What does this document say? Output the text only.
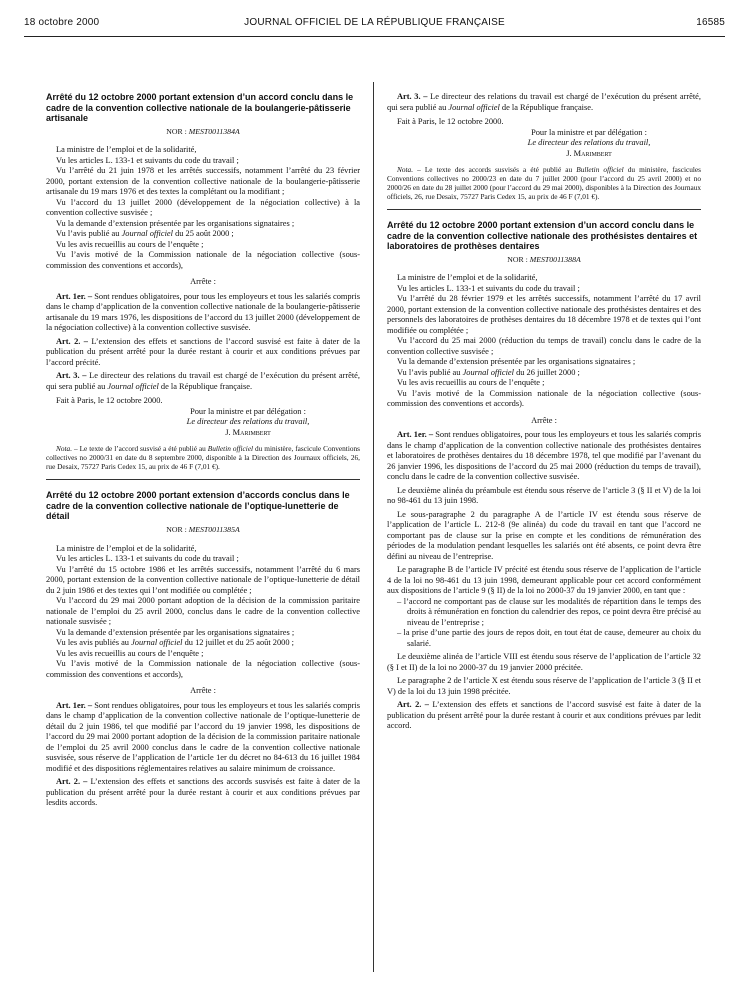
18 octobre 2000	JOURNAL OFFICIEL DE LA RÉPUBLIQUE FRANÇAISE	16585
Arrêté du 12 octobre 2000 portant extension d’un accord conclu dans le cadre de la convention collective nationale de la boulangerie-pâtisserie artisanale
NOR : MEST0011384A

La ministre de l’emploi et de la solidarité,

Vu les articles L. 133-1 et suivants du code du travail ;

Vu l’arrêté du 21 juin 1978 et les arrêtés successifs, notamment l’arrêté du 23 février 2000, portant extension de la convention collective nationale de la boulangerie-pâtisserie artisanale du 19 mars 1976 et des textes la complétant ou la modifiant ;

Vu l’accord du 13 juillet 2000 (développement de la négociation collective) à la convention collective susvisée ;

Vu la demande d’extension présentée par les organisations signataires ;

Vu l’avis publié au Journal officiel du 25 août 2000 ;

Vu les avis recueillis au cours de l’enquête ;

Vu l’avis motivé de la Commission nationale de la négociation collective (sous-commission des conventions et accords),

Arrête :

Art. 1er. – Sont rendues obligatoires, pour tous les employeurs et tous les salariés compris dans le champ d’application de la convention collective nationale de la boulangerie-pâtisserie artisanale du 19 mars 1976, les dispositions de l’accord du 13 juillet 2000 (développement de la négociation collective) à la convention collective susvisée.

Art. 2. – L’extension des effets et sanctions de l’accord susvisé est faite à dater de la publication du présent arrêté pour la durée restant à courir et aux conditions prévues par l’accord précité.

Art. 3. – Le directeur des relations du travail est chargé de l’exécution du présent arrêté, qui sera publié au Journal officiel de la République française.

Fait à Paris, le 12 octobre 2000.

Pour la ministre et par délégation :
Le directeur des relations du travail,
J. Marimbert

Nota. – Le texte de l’accord susvisé a été publié au Bulletin officiel du ministère, fascicule Conventions collectives no 2000/31 en date du 8 septembre 2000, disponible à la Direction des Journaux officiels, 26, rue Desaix, 75727 Paris Cedex 15, au prix de 46 F (7,01 €).

Arrêté du 12 octobre 2000 portant extension d’accords conclus dans le cadre de la convention collective nationale de l’optique-lunetterie de détail
NOR : MEST0011385A

La ministre de l’emploi et de la solidarité,

Vu les articles L. 133-1 et suivants du code du travail ;

Vu l’arrêté du 15 octobre 1986 et les arrêtés successifs, notamment l’arrêté du 6 mars 2000, portant extension de la convention collective nationale de l’optique-lunetterie de détail du 2 juin 1986 et des textes qui l’ont modifiée ou complétée ;

Vu l’accord du 29 mai 2000 portant adoption de la décision de la commission paritaire nationale de l’emploi du 25 avril 2000, conclus dans le cadre de la convention collective nationale susvisée ;

Vu la demande d’extension présentée par les organisations signataires ;

Vu les avis publiés au Journal officiel du 12 juillet et du 25 août 2000 ;

Vu les avis recueillis au cours de l’enquête ;

Vu l’avis motivé de la Commission nationale de la négociation collective (sous-commission des conventions et accords),

Arrête :

Art. 1er. – Sont rendues obligatoires, pour tous les employeurs et tous les salariés compris dans le champ d’application de la convention collective nationale de l’optique-lunetterie de détail du 2 juin 1986, tel que modifié par l’accord du 19 janvier 1998, les dispositions de l’accord du 29 mai 2000 portant adoption de la décision de la commission paritaire nationale de l’emploi du 25 avril 2000 conclus dans le cadre de la convention collective nationale susvisée, sous réserve de l’application de l’article 1er du décret no 84-613 du 16 juillet 1984 modifié et des dispositions réglementaires relatives au salaire minimum de croissance.

Art. 2. – L’extension des effets et sanctions des accords susvisés est faite à dater de la publication du présent arrêté pour la durée restant à courir et aux conditions prévues par lesdits accords.

Art. 3. – Le directeur des relations du travail est chargé de l’exécution du présent arrêté, qui sera publié au Journal officiel de la République française.

Fait à Paris, le 12 octobre 2000.

Pour la ministre et par délégation :
Le directeur des relations du travail,
J. Marimbert

Nota. – Le texte des accords susvisés a été publié au Bulletin officiel du ministère, fascicules Conventions collectives no 2000/23 en date du 7 juillet 2000 (pour l’accord du 25 avril 2000) et no 2000/26 en date du 28 juillet 2000 (pour l’accord du 29 mai 2000), disponibles à la Direction des Journaux officiels, 26, rue Desaix, 75727 Paris Cedex 15, au prix de 46 F (7,01 €).

Arrêté du 12 octobre 2000 portant extension d’un accord conclu dans le cadre de la convention collective nationale des prothésistes dentaires et laboratoires de prothèses dentaires
NOR : MEST0011388A

La ministre de l’emploi et de la solidarité,

Vu les articles L. 133-1 et suivants du code du travail ;

Vu l’arrêté du 28 février 1979 et les arrêtés successifs, notamment l’arrêté du 17 avril 2000, portant extension de la convention collective nationale des prothésistes dentaires et des personnels des laboratoires de prothèses dentaires du 18 décembre 1978 et de textes qui l’ont modifiée ou complétée ;

Vu l’accord du 25 mai 2000 (réduction du temps de travail) conclu dans le cadre de la convention collective susvisée ;

Vu la demande d’extension présentée par les organisations signataires ;

Vu l’avis publié au Journal officiel du 26 juillet 2000 ;

Vu les avis recueillis au cours de l’enquête ;

Vu l’avis motivé de la Commission nationale de la négociation collective (sous-commission des conventions et accords).

Arrête :

Art. 1er. – Sont rendues obligatoires, pour tous les employeurs et tous les salariés compris dans le champ d’application de la convention collective nationale des prothésistes dentaires et laboratoires de prothèses dentaires du 18 décembre 1978, tel que modifié par l’avenant du 26 janvier 1996, les dispositions de l’accord du 25 mai 2000 (réduction du temps de travail), conclu dans le cadre de la convention collective susvisée.

Le deuxième alinéa du préambule est étendu sous réserve de l’article 3 (§ II et V) de la loi no 98-461 du 13 juin 1998.

Le sous-paragraphe 2 du paragraphe A de l’article IV est étendu sous réserve de l’application de l’article L. 212-8 (9e alinéa) du code du travail en tant que l’accord ne comportant pas de clause sur la prise en compte et les conditions de rémunération des périodes de la modulation pendant lesquelles les salariés ont été absents, ce point devra être défini au niveau de l’entreprise.

Le paragraphe B de l’article IV précité est étendu sous réserve de l’application de l’article 4 de la loi no 98-461 du 13 juin 1998, demeurant applicable pour cet accord conformément aux dispositions de l’article 9 (§ II) de la loi no 2000-37 du 19 janvier 2000, en tant que :

– l’accord ne comportant pas de clause sur les modalités de répartition dans le temps des droits à rémunération en fonction du calendrier des repos, ce point devra être précisé au niveau de l’entreprise ;

– la prise d’une partie des jours de repos doit, en tout état de cause, demeurer au choix du salarié.

Le deuxième alinéa de l’article VIII est étendu sous réserve de l’application de l’article 32 (§ I et II) de la loi no 2000-37 du 19 janvier 2000 précitée.

Le paragraphe 2 de l’article X est étendu sous réserve de l’application de l’article 3 (§ II et V) de la loi du 13 juin 1998 précitée.

Art. 2. – L’extension des effets et sanctions de l’accord susvisé est faite à dater de la publication du présent arrêté pour la durée restant à courir et aux conditions prévues par ledit accord.
